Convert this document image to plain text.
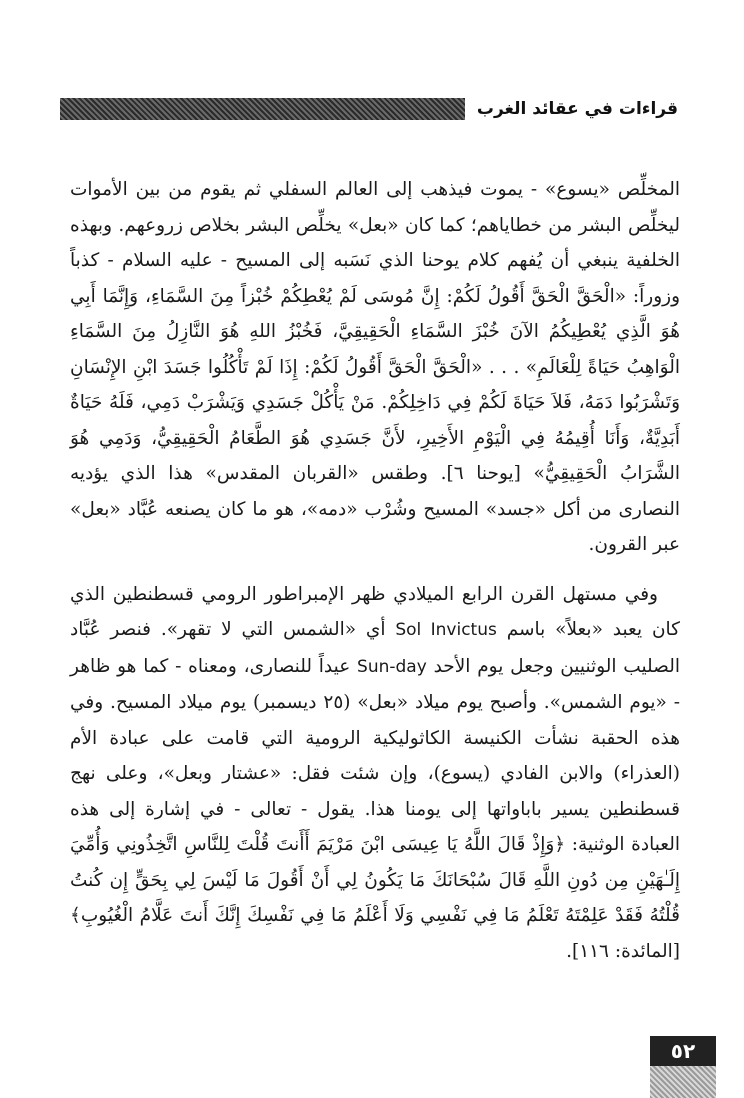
قراءات في عقائد الغرب

المخلِّص «يسوع» - يموت فيذهب إلى العالم السفلي ثم يقوم من بين الأموات ليخلِّص البشر من خطاياهم؛ كما كان «بعل» يخلِّص البشر بخلاص زروعهم. وبهذه الخلفية ينبغي أن يُفهم كلام يوحنا الذي نَسَبه إلى المسيح - عليه السلام - كذباً وزوراً: «الْحَقَّ الْحَقَّ أَقُولُ لَكُمْ: إِنَّ مُوسَى لَمْ يُعْطِكُمْ خُبْزاً مِنَ السَّمَاءِ، وَإِنَّمَا أَبِي هُوَ الَّذِي يُعْطِيكُمُ الآنَ خُبْزَ السَّمَاءِ الْحَقِيقِيَّ، فَخُبْزُ اللهِ هُوَ النَّازِلُ مِنَ السَّمَاءِ الْوَاهِبُ حَيَاةً لِلْعَالَمِ» . . . «الْحَقَّ الْحَقَّ أَقُولُ لَكُمْ: إِذَا لَمْ تَأْكُلُوا جَسَدَ ابْنِ الإِنْسَانِ وَتَشْرَبُوا دَمَهُ، فَلاَ حَيَاةَ لَكُمْ فِي دَاخِلِكُمْ. مَنْ يَأْكُلْ جَسَدِي وَيَشْرَبْ دَمِي، فَلَهُ حَيَاةٌ أَبَدِيَّةٌ، وَأَنَا أُقِيمُهُ فِي الْيَوْمِ الأَخِيرِ، لأَنَّ جَسَدِي هُوَ الطَّعَامُ الْحَقِيقِيُّ، وَدَمِي هُوَ الشَّرَابُ الْحَقِيقِيُّ» [يوحنا ٦]. وطقس «القربان المقدس» هذا الذي يؤديه النصارى من أكل «جسد» المسيح وشُرْب «دمه»، هو ما كان يصنعه عُبَّاد «بعل» عبر القرون.

وفي مستهل القرن الرابع الميلادي ظهر الإمبراطور الرومي قسطنطين الذي كان يعبد «بعلاً» باسم Sol Invictus أي «الشمس التي لا تقهر». فنصر عُبَّاد الصليب الوثنيين وجعل يوم الأحد Sun-day عيداً للنصارى، ومعناه - كما هو ظاهر - «يوم الشمس». وأصبح يوم ميلاد «بعل» (٢٥ ديسمبر) يوم ميلاد المسيح. وفي هذه الحقبة نشأت الكنيسة الكاثوليكية الرومية التي قامت على عبادة الأم (العذراء) والابن الفادي (يسوع)، وإن شئت فقل: «عشتار وبعل»، وعلى نهج قسطنطين يسير باباواتها إلى يومنا هذا. يقول - تعالى - في إشارة إلى هذه العبادة الوثنية: ﴿وَإِذْ قَالَ اللَّهُ يَا عِيسَى ابْنَ مَرْيَمَ أَأَنتَ قُلْتَ لِلنَّاسِ اتَّخِذُونِي وَأُمِّيَ إِلَـٰهَيْنِ مِن دُونِ اللَّهِ قَالَ سُبْحَانَكَ مَا يَكُونُ لِي أَنْ أَقُولَ مَا لَيْسَ لِي بِحَقٍّ إِن كُنتُ قُلْتُهُ فَقَدْ عَلِمْتَهُ تَعْلَمُ مَا فِي نَفْسِي وَلَا أَعْلَمُ مَا فِي نَفْسِكَ إِنَّكَ أَنتَ عَلَّامُ الْغُيُوبِ﴾ [المائدة: ١١٦].

٥٢
